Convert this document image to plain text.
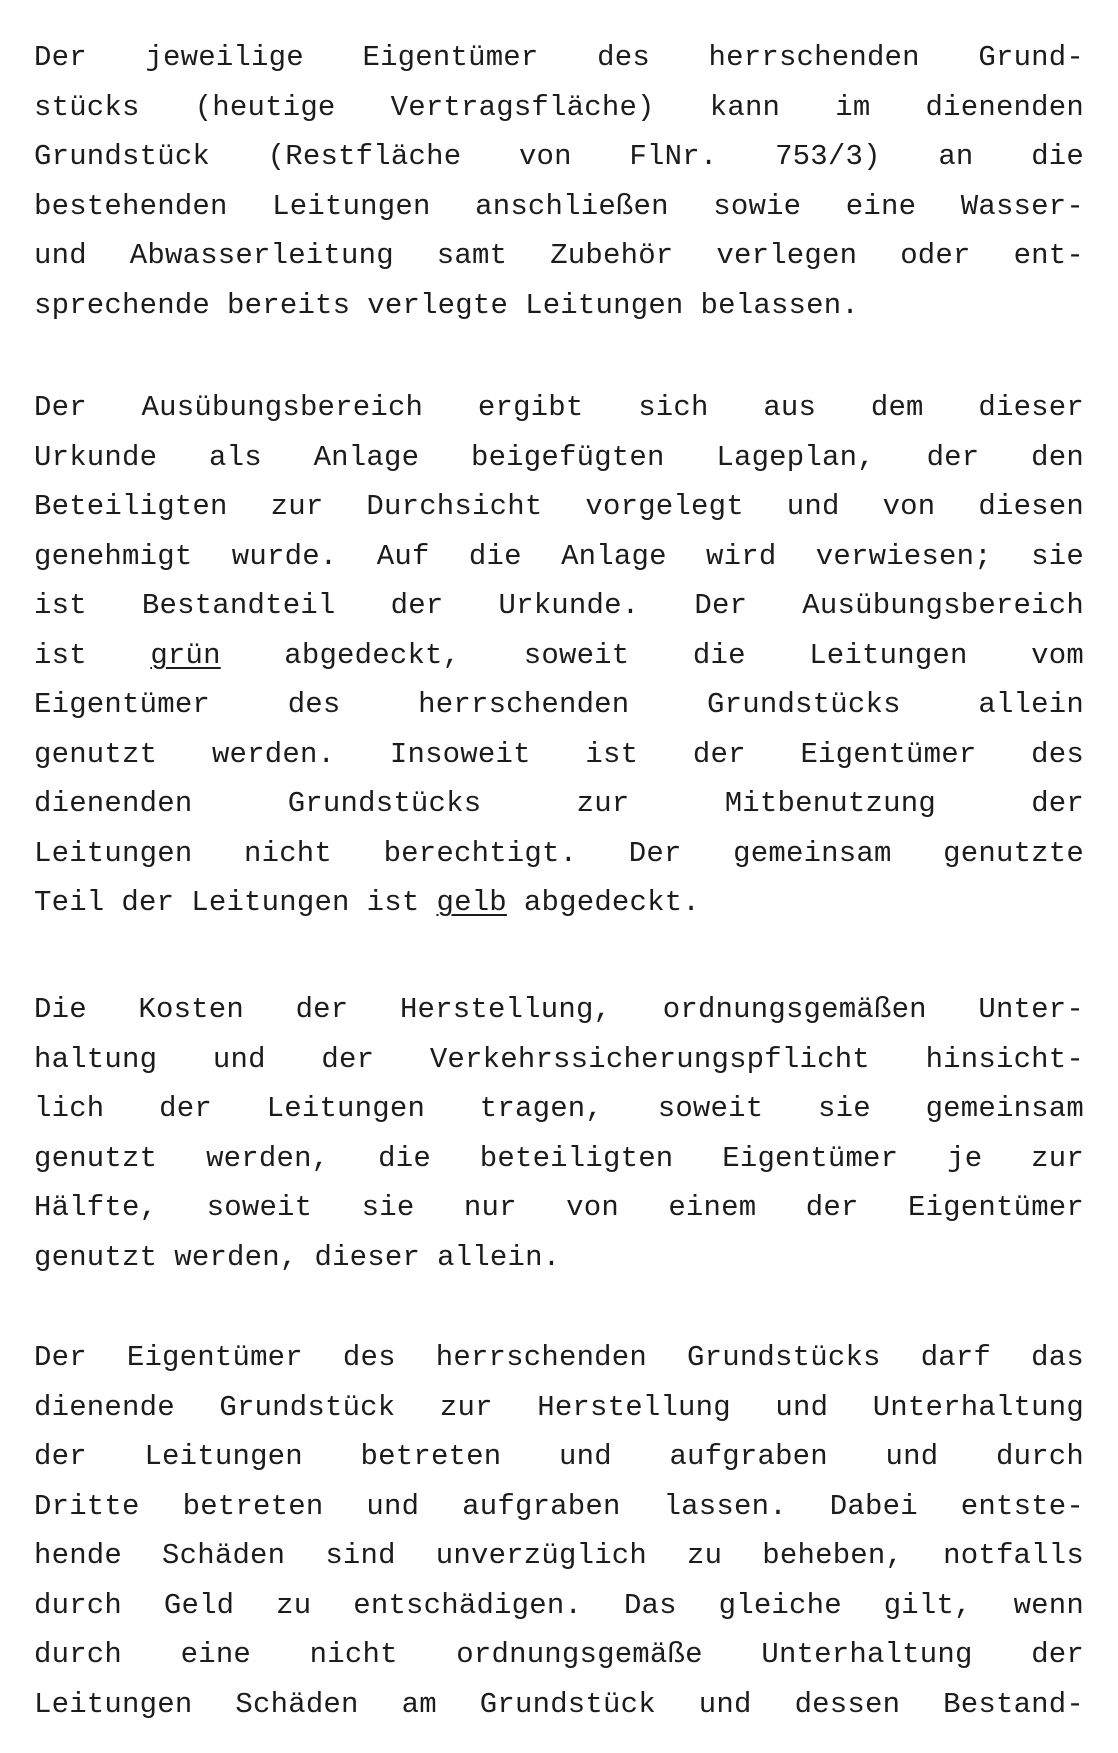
Der jeweilige Eigentümer des herrschenden Grund-
stücks (heutige Vertragsfläche) kann im dienenden
Grundstück (Restfläche von FlNr. 753/3) an die
bestehenden Leitungen anschließen sowie eine Wasser-
und Abwasserleitung samt Zubehör verlegen oder ent-
sprechende bereits verlegte Leitungen belassen.
Der Ausübungsbereich ergibt sich aus dem dieser
Urkunde als Anlage beigefügten Lageplan, der den
Beteiligten zur Durchsicht vorgelegt und von diesen
genehmigt wurde. Auf die Anlage wird verwiesen; sie
ist Bestandteil der Urkunde. Der Ausübungsbereich
ist grün abgedeckt, soweit die Leitungen vom
Eigentümer	des	herrschenden	Grundstücks	allein
genutzt werden. Insoweit ist der Eigentümer des
dienenden	Grundstücks	zur	Mitbenutzung	der
Leitungen nicht berechtigt. Der gemeinsam genutzte
Teil der Leitungen ist gelb abgedeckt.
Die Kosten der Herstellung, ordnungsgemäßen Unter-
haltung und der Verkehrssicherungspflicht hinsicht-
lich der Leitungen tragen, soweit sie gemeinsam
genutzt werden, die beteiligten Eigentümer je zur
Hälfte, soweit sie nur von einem der Eigentümer
genutzt werden, dieser allein.
Der Eigentümer des herrschenden Grundstücks darf das
dienende Grundstück zur Herstellung und Unterhaltung
der Leitungen betreten und aufgraben und durch
Dritte betreten und aufgraben lassen. Dabei entste-
hende Schäden sind unverzüglich zu beheben, notfalls
durch Geld zu entschädigen. Das gleiche gilt, wenn
durch eine nicht ordnungsgemäße Unterhaltung der
Leitungen Schäden am Grundstück und dessen Bestand-
